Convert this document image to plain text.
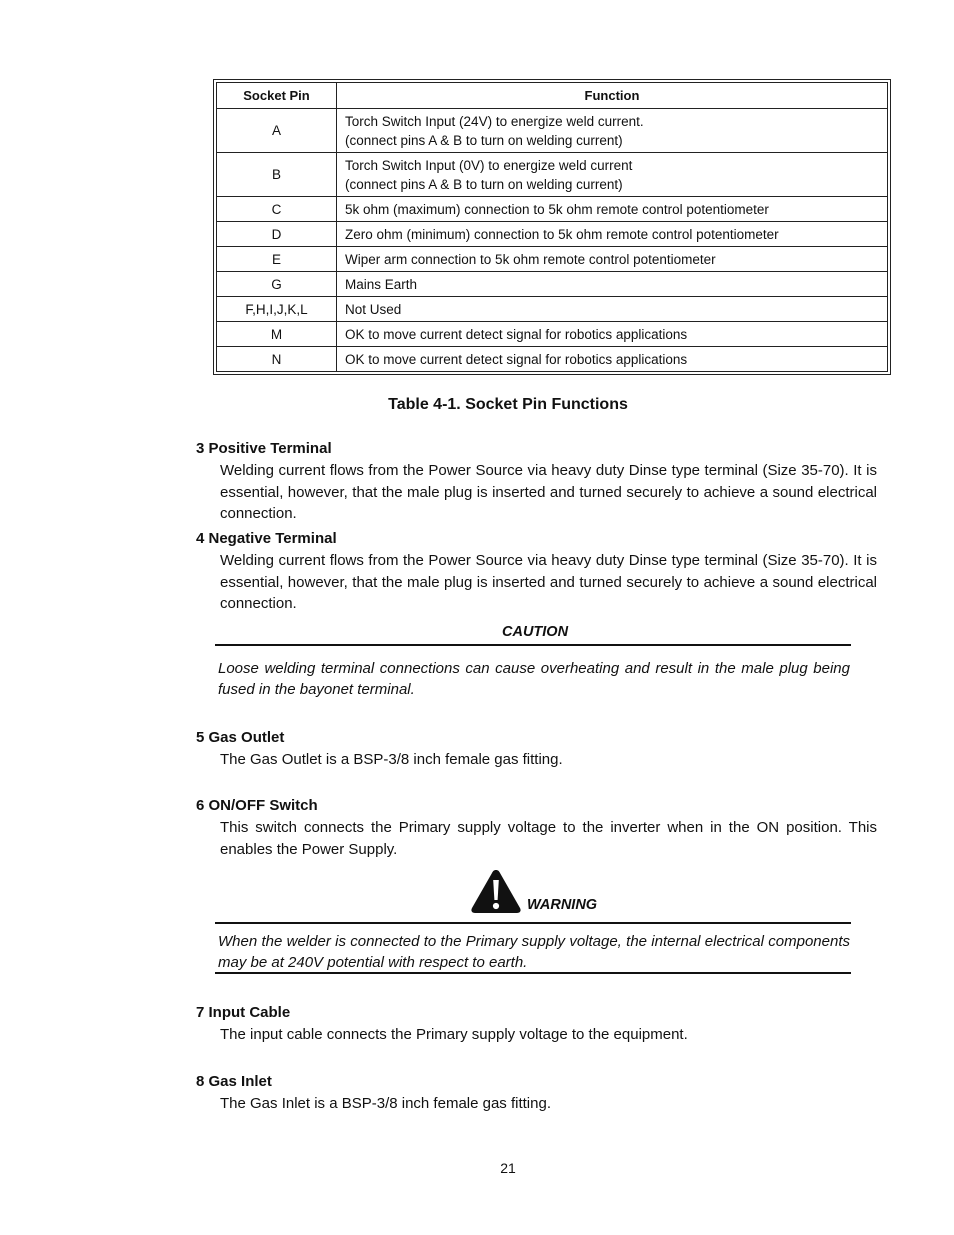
Socket Pin	Function
A	Torch Switch Input (24V) to energize weld current.
(connect pins A & B to turn on welding current)

B	Torch Switch Input (0V) to energize weld current
(connect pins A & B to turn on welding current)

C	5k ohm (maximum) connection to 5k ohm remote control potentiometer
D	Zero ohm (minimum) connection to 5k ohm remote control potentiometer
E	Wiper arm connection to 5k ohm remote control potentiometer
G	Mains Earth
F,H,I,J,K,L	Not Used
M	OK to move current detect signal for robotics applications
N	OK to move current detect signal for robotics applications
Table 4-1. Socket Pin Functions
3 Positive Terminal
Welding current flows from the Power Source via heavy duty Dinse type terminal (Size 35-70). It is essential, however, that the male plug is inserted and turned securely to achieve a sound electrical connection.
4 Negative Terminal
Welding current flows from the Power Source via heavy duty Dinse type terminal (Size 35-70). It is essential, however, that the male plug is inserted and turned securely to achieve a sound electrical connection.
CAUTION
Loose welding terminal connections can cause overheating and result in the male plug being fused in the bayonet terminal.
5 Gas Outlet
The Gas Outlet is a BSP-3/8 inch female gas fitting.
6 ON/OFF Switch
This switch connects the Primary supply voltage to the inverter when in the ON position. This enables the Power Supply.
WARNING
When the welder is connected to the Primary supply voltage, the internal electrical components may be at 240V potential with respect to earth.
7 Input Cable
The input cable connects the Primary supply voltage to the equipment.
8 Gas Inlet
The Gas Inlet is a BSP-3/8 inch female gas fitting.
21
